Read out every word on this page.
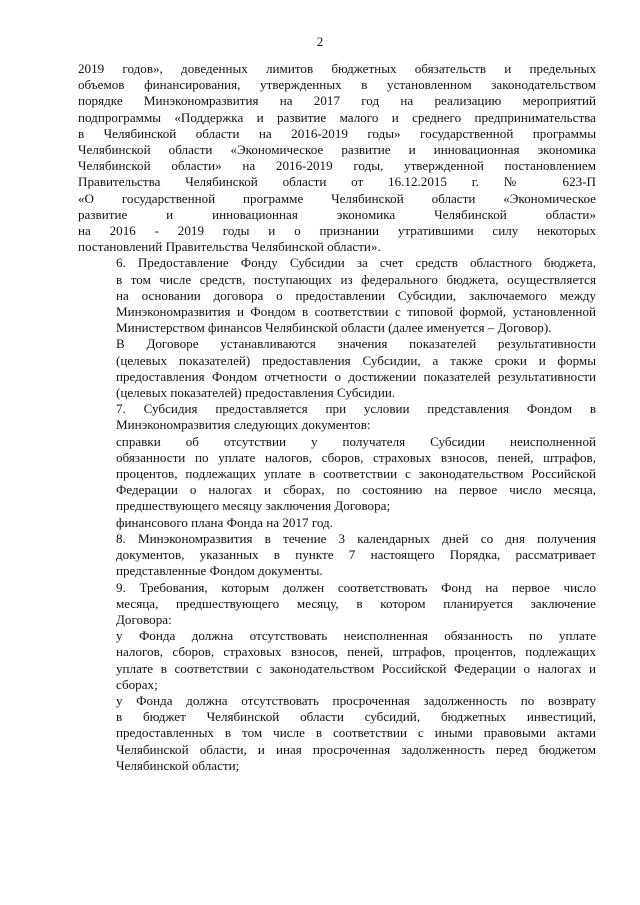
2
2019 годов», доведенных лимитов бюджетных обязательств и предельных
объемов финансирования, утвержденных в установленном законодательством
порядке Минэкономразвития на 2017 год на реализацию мероприятий
подпрограммы «Поддержка и развитие малого и среднего предпринимательства
в Челябинской области на 2016-2019 годы» государственной программы
Челябинской области «Экономическое развитие и инновационная экономика
Челябинской области» на 2016-2019 годы, утвержденной постановлением
Правительства Челябинской области от 16.12.2015 г. № 623-П
«О государственной программе Челябинской области «Экономическое
развитие и инновационная экономика Челябинской области»
на 2016 - 2019 годы и о признании утратившими силу некоторых
постановлений Правительства Челябинской области».
6. Предоставление Фонду Субсидии за счет средств областного бюджета,
в том числе средств, поступающих из федерального бюджета, осуществляется
на основании договора о предоставлении Субсидии, заключаемого между
Минэкономразвития и Фондом в соответствии с типовой формой, установленной
Министерством финансов Челябинской области (далее именуется – Договор).
В Договоре устанавливаются значения показателей результативности
(целевых показателей) предоставления Субсидии, а также сроки и формы
предоставления Фондом отчетности о достижении показателей результативности
(целевых показателей) предоставления Субсидии.
7. Субсидия предоставляется при условии представления Фондом в
Минэкономразвития следующих документов:
справки об отсутствии у получателя Субсидии неисполненной
обязанности по уплате налогов, сборов, страховых взносов, пеней, штрафов,
процентов, подлежащих уплате в соответствии с законодательством Российской
Федерации о налогах и сборах, по состоянию на первое число месяца,
предшествующего месяцу заключения Договора;
финансового плана Фонда на 2017 год.
8. Минэкономразвития в течение 3 календарных дней со дня получения
документов, указанных в пункте 7 настоящего Порядка, рассматривает
представленные Фондом документы.
9. Требования, которым должен соответствовать Фонд на первое число
месяца, предшествующего месяцу, в котором планируется заключение
Договора:
у Фонда должна отсутствовать неисполненная обязанность по уплате
налогов, сборов, страховых взносов, пеней, штрафов, процентов, подлежащих
уплате в соответствии с законодательством Российской Федерации о налогах и
сборах;
у Фонда должна отсутствовать просроченная задолженность по возврату
в бюджет Челябинской области субсидий, бюджетных инвестиций,
предоставленных в том числе в соответствии с иными правовыми актами
Челябинской области, и иная просроченная задолженность перед бюджетом
Челябинской области;
